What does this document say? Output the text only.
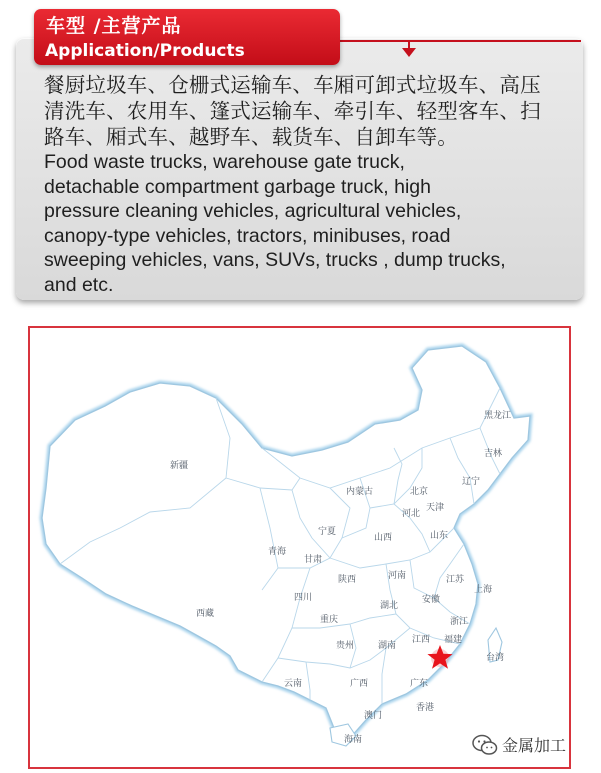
车型 /主营产品
Application/Products
餐厨垃圾车、仓栅式运输车、车厢可卸式垃圾车、高压
清洗车、农用车、篷式运输车、牵引车、轻型客车、扫
路车、厢式车、越野车、载货车、自卸车等。
Food waste trucks, warehouse gate truck,
detachable compartment garbage truck, high
pressure cleaning vehicles, agricultural vehicles,
canopy-type vehicles, tractors, minibuses, road
sweeping vehicles, vans, SUVs, trucks , dump trucks,
and etc.
黑龙江
吉林
辽宁
新疆
内蒙古	北京
天津
河北
宁夏
山西	山东
青海
甘肃
陕西	河南	江苏
上海
四川
湖北
安徽
浙江
西藏
重庆
贵州	湖南
江西 福建
台湾
云南	广西	广东
澳门
香港
海南	金属加工
